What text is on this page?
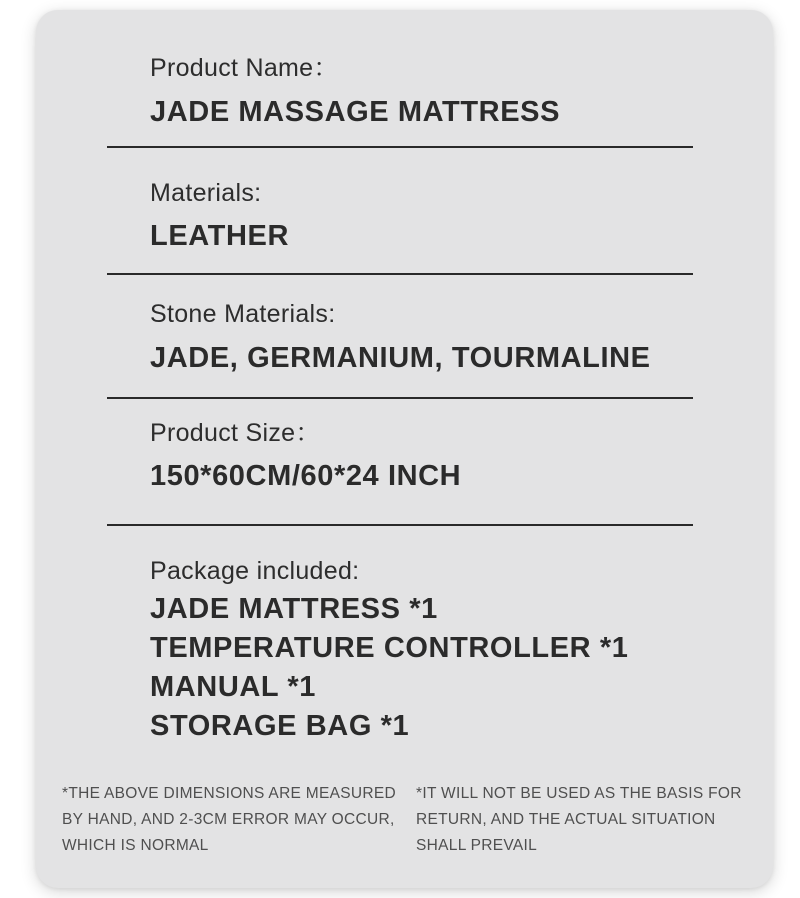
Product Name：
JADE MASSAGE MATTRESS
Materials:
LEATHER
Stone Materials:
JADE, GERMANIUM, TOURMALINE
Product Size：
150*60CM/60*24 INCH
Package included:
JADE MATTRESS *1
TEMPERATURE CONTROLLER *1
MANUAL *1
STORAGE BAG *1
*THE ABOVE DIMENSIONS ARE MEASURED
BY HAND, AND 2-3CM ERROR MAY OCCUR,
WHICH IS NORMAL
*IT WILL NOT BE USED AS THE BASIS FOR
RETURN, AND THE ACTUAL SITUATION
SHALL PREVAIL
